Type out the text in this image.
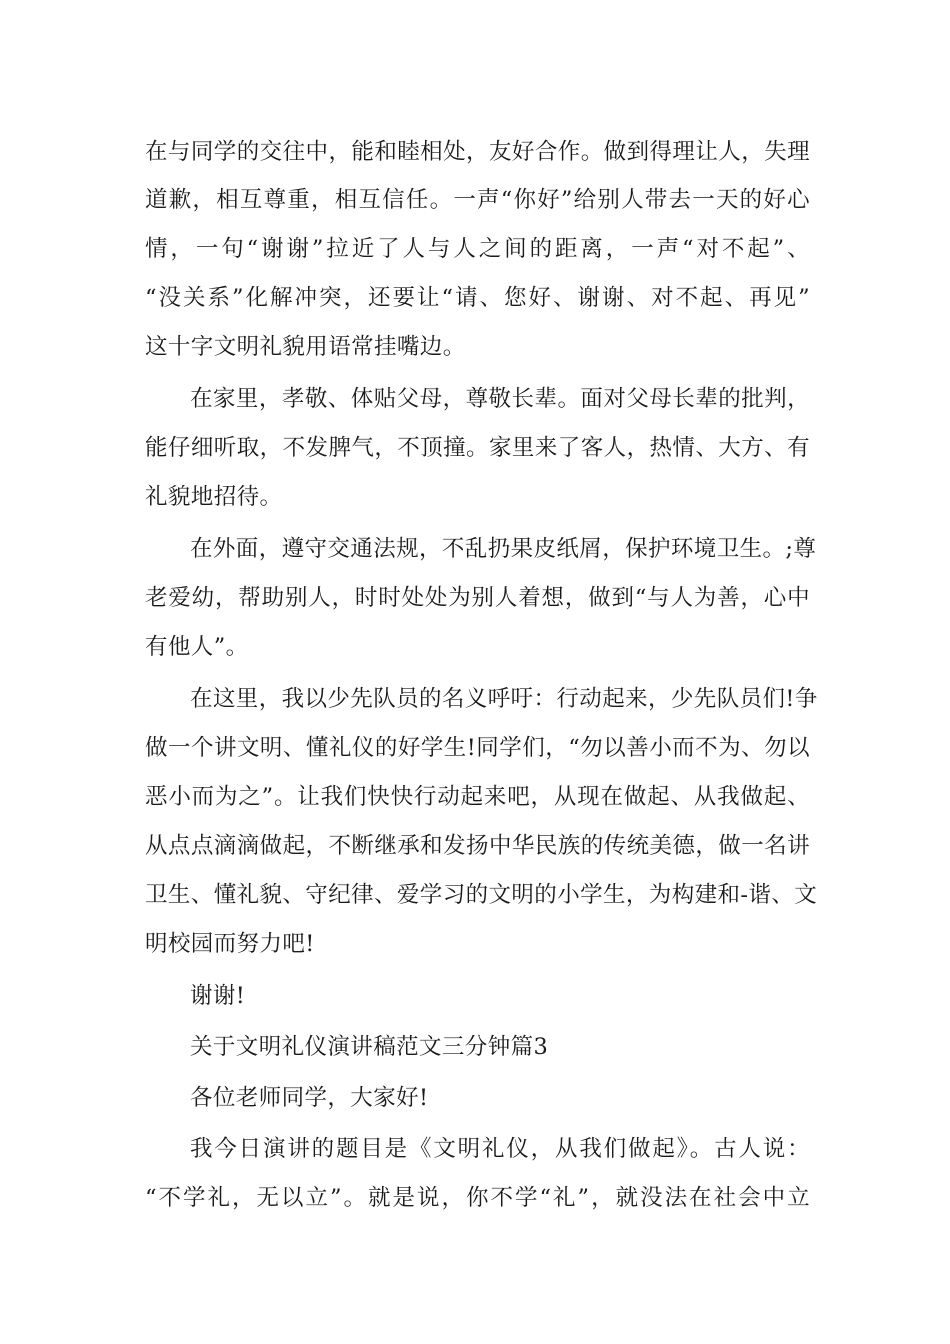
在与同学的交往中，能和睦相处，友好合作。做到得理让人，失理
道歉，相互尊重，相互信任。一声“你好”给别人带去一天的好心
情，一句“谢谢”拉近了人与人之间的距离，一声“对不起”、
“没关系”化解冲突，还要让“请、您好、谢谢、对不起、再见”
这十字文明礼貌用语常挂嘴边。
在家里，孝敬、体贴父母，尊敬长辈。面对父母长辈的批判，
能仔细听取，不发脾气，不顶撞。家里来了客人，热情、大方、有
礼貌地招待。
在外面，遵守交通法规，不乱扔果皮纸屑，保护环境卫生。;尊
老爱幼，帮助别人，时时处处为别人着想，做到“与人为善，心中
有他人”。
在这里，我以少先队员的名义呼吁：行动起来，少先队员们!争
做一个讲文明、懂礼仪的好学生!同学们，“勿以善小而不为、勿以
恶小而为之”。让我们快快行动起来吧，从现在做起、从我做起、
从点点滴滴做起，不断继承和发扬中华民族的传统美德，做一名讲
卫生、懂礼貌、守纪律、爱学习的文明的小学生，为构建和-谐、文
明校园而努力吧!
谢谢!
关于文明礼仪演讲稿范文三分钟篇3
各位老师同学，大家好!
我今日演讲的题目是《文明礼仪，从我们做起》。古人说：
“不学礼，无以立”。就是说，你不学“礼”，就没法在社会中立
